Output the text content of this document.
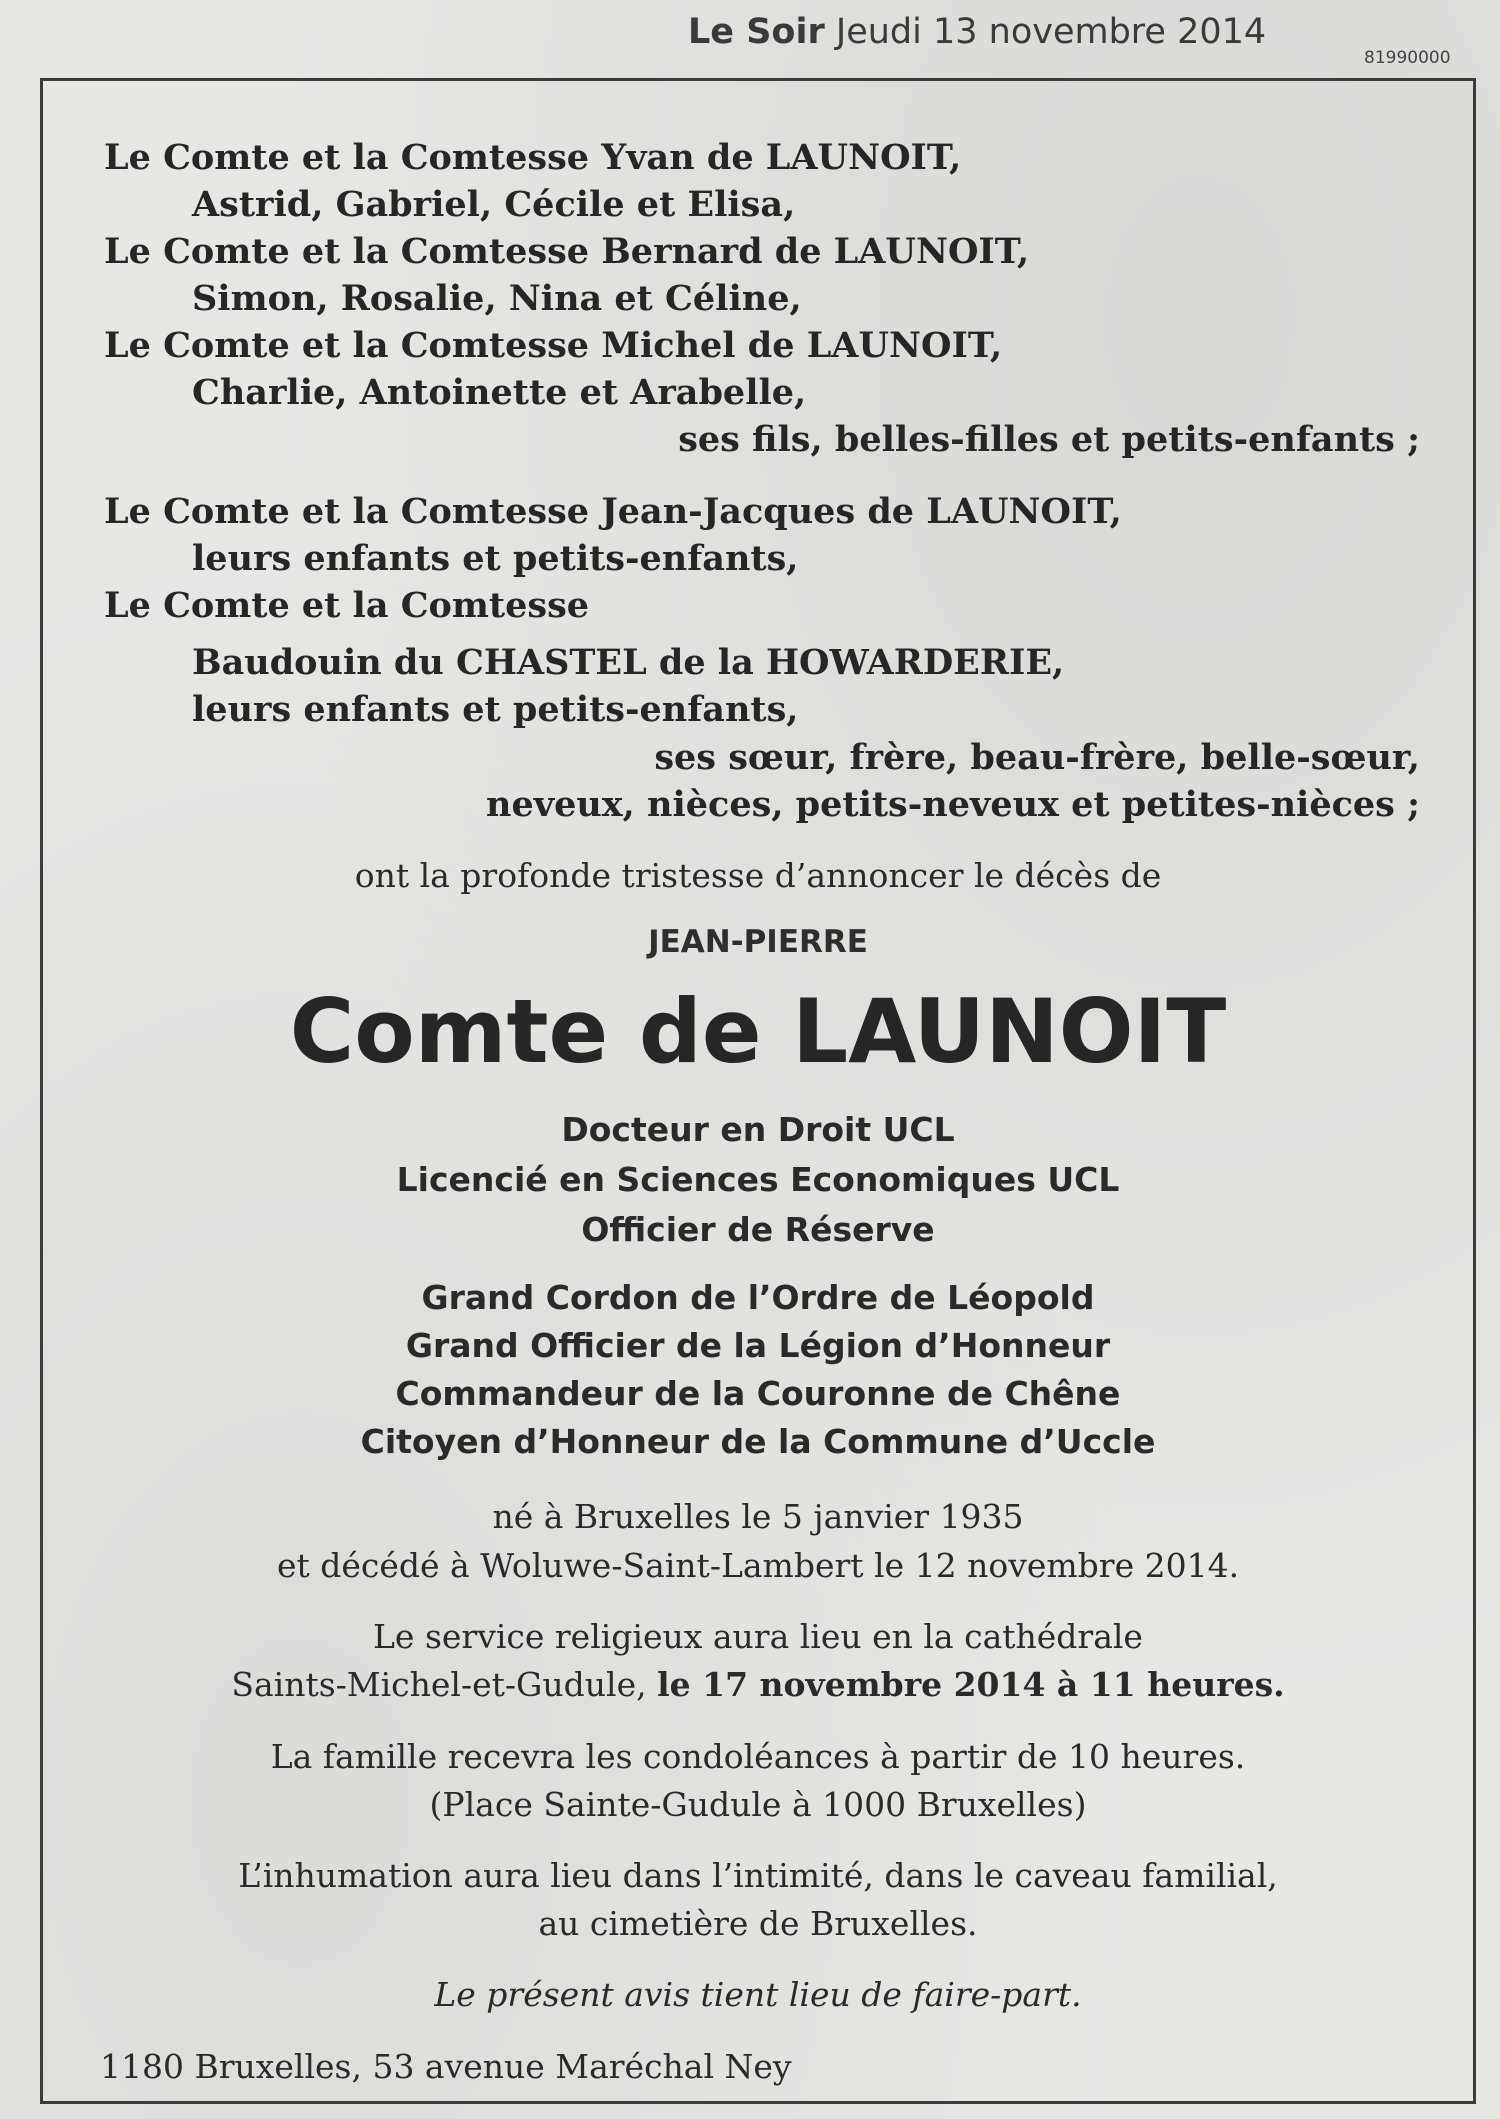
Le Soir Jeudi 13 novembre 2014
81990000
Le Comte et la Comtesse Yvan de LAUNOIT,
Astrid, Gabriel, Cécile et Elisa,
Le Comte et la Comtesse Bernard de LAUNOIT,
Simon, Rosalie, Nina et Céline,
Le Comte et la Comtesse Michel de LAUNOIT,
Charlie, Antoinette et Arabelle,
ses fils, belles-filles et petits-enfants ;
Le Comte et la Comtesse Jean-Jacques de LAUNOIT,
leurs enfants et petits-enfants,
Le Comte et la Comtesse
Baudouin du CHASTEL de la HOWARDERIE,
leurs enfants et petits-enfants,
ses sœur, frère, beau-frère, belle-sœur,
neveux, nièces, petits-neveux et petites-nièces ;
ont la profonde tristesse d’annoncer le décès de
JEAN-PIERRE
Comte de LAUNOIT
Docteur en Droit UCL
Licencié en Sciences Economiques UCL
Officier de Réserve
Grand Cordon de l’Ordre de Léopold
Grand Officier de la Légion d’Honneur
Commandeur de la Couronne de Chêne
Citoyen d’Honneur de la Commune d’Uccle
né à Bruxelles le 5 janvier 1935
et décédé à Woluwe-Saint-Lambert le 12 novembre 2014.
Le service religieux aura lieu en la cathédrale
Saints-Michel-et-Gudule, le 17 novembre 2014 à 11 heures.
La famille recevra les condoléances à partir de 10 heures.
(Place Sainte-Gudule à 1000 Bruxelles)
L’inhumation aura lieu dans l’intimité, dans le caveau familial,
au cimetière de Bruxelles.
Le présent avis tient lieu de faire-part.
1180 Bruxelles, 53 avenue Maréchal Ney
